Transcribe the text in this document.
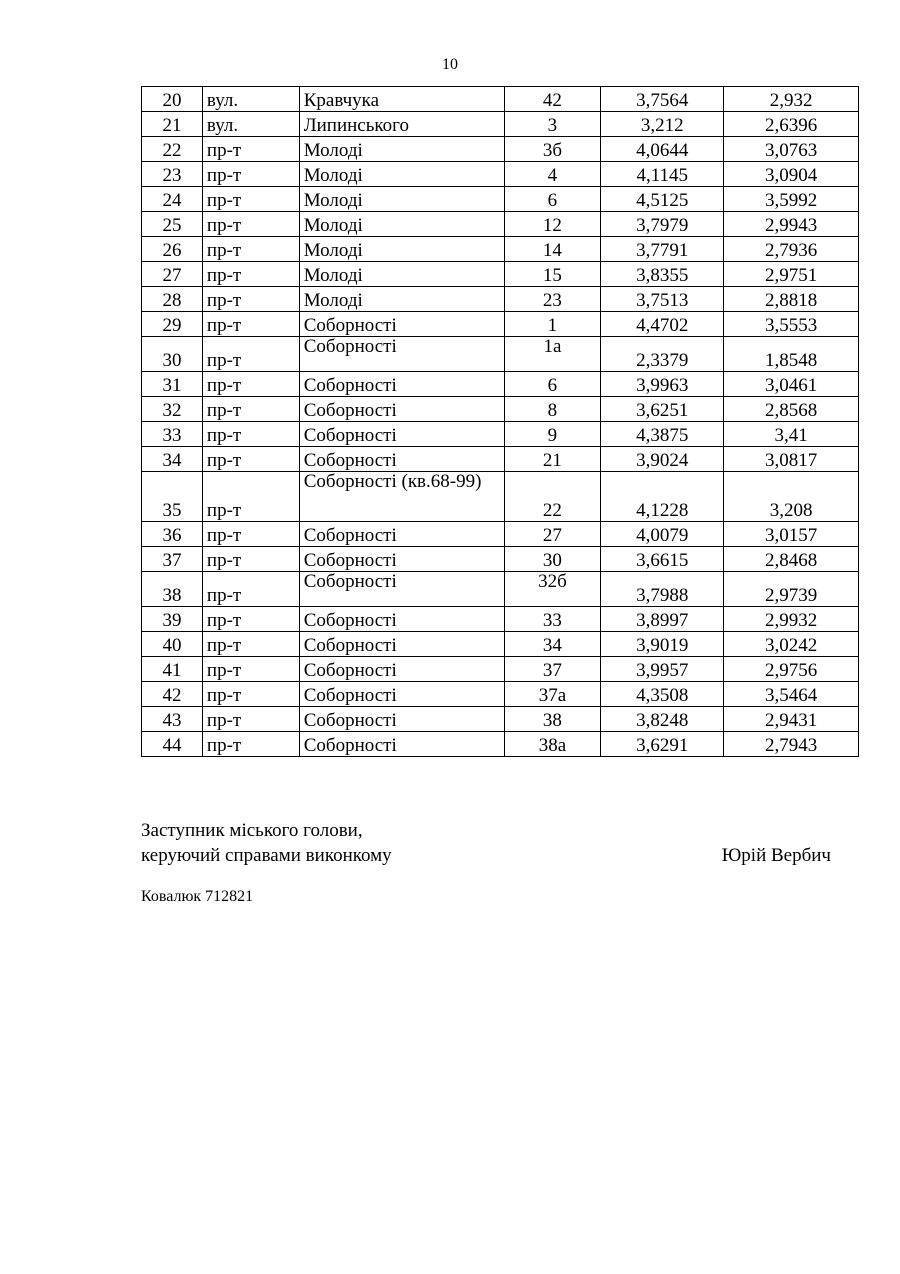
10
20	вул.	Кравчука	42	3,7564	2,932
21	вул.	Липинського	3	3,212	2,6396
22	пр-т	Молоді	3б	4,0644	3,0763
23	пр-т	Молоді	4	4,1145	3,0904
24	пр-т	Молоді	6	4,5125	3,5992
25	пр-т	Молоді	12	3,7979	2,9943
26	пр-т	Молоді	14	3,7791	2,7936
27	пр-т	Молоді	15	3,8355	2,9751
28	пр-т	Молоді	23	3,7513	2,8818
29	пр-т	Соборності	1	4,4702	3,5553
30	пр-т	Соборності	1а	2,3379	1,8548
31	пр-т	Соборності	6	3,9963	3,0461
32	пр-т	Соборності	8	3,6251	2,8568
33	пр-т	Соборності	9	4,3875	3,41
34	пр-т	Соборності	21	3,9024	3,0817
35	пр-т	Соборності (кв.68-99)	22	4,1228	3,208
36	пр-т	Соборності	27	4,0079	3,0157
37	пр-т	Соборності	30	3,6615	2,8468
38	пр-т	Соборності	32б	3,7988	2,9739
39	пр-т	Соборності	33	3,8997	2,9932
40	пр-т	Соборності	34	3,9019	3,0242
41	пр-т	Соборності	37	3,9957	2,9756
42	пр-т	Соборності	37а	4,3508	3,5464
43	пр-т	Соборності	38	3,8248	2,9431
44	пр-т	Соборності	38а	3,6291	2,7943
Заступник міського голови,
керуючий справами виконкому	Юрій Вербич
Ковалюк 712821
